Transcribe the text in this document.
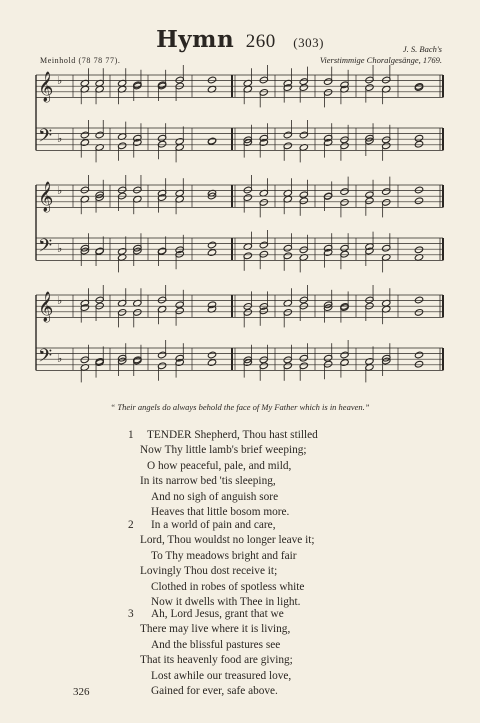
Hymn 260 (303)
Meinhold (78 78 77).
J. S. Bach's
Vierstimmige Choralgesänge, 1769.
𝄞
𝄢
♭
♭
𝄞
𝄢
♭
♭
𝄞
𝄢
♭
♭
“ Their angels do always behold the face of My Father which is in heaven.”
1	TENDER Shepherd, Thou hast stilled
Now Thy little lamb's brief weeping;
O how peaceful, pale, and mild,
In its narrow bed 'tis sleeping,
And no sigh of anguish sore
Heaves that little bosom more.
2	In a world of pain and care,
Lord, Thou wouldst no longer leave it;
To Thy meadows bright and fair
Lovingly Thou dost receive it;
Clothed in robes of spotless white
Now it dwells with Thee in light.
3	Ah, Lord Jesus, grant that we
There may live where it is living,
And the blissful pastures see
That its heavenly food are giving;
Lost awhile our treasured love,
Gained for ever, safe above.
326
